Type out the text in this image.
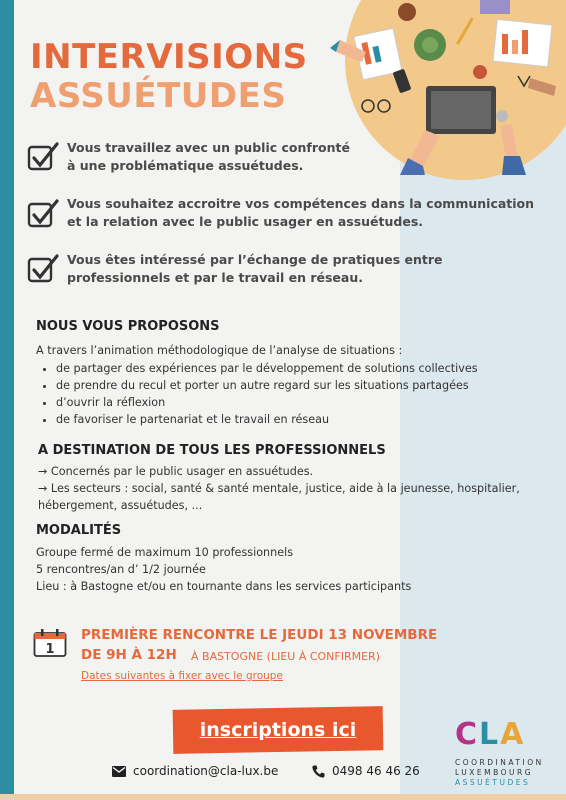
INTERVISIONS
ASSUÉTUDES
Vous travaillez avec un public confronté
à une problématique assuétudes.
Vous souhaitez accroitre vos compétences dans la communication
et la relation avec le public usager en assuétudes.
Vous êtes intéressé par l’échange de pratiques entre
professionnels et par le travail en réseau.
NOUS VOUS PROPOSONS
A travers l’animation méthodologique de l’analyse de situations :
• de partager des expériences par le développement de solutions collectives
• de prendre du recul et porter un autre regard sur les situations partagées
• d’ouvrir la réflexion
• de favoriser le partenariat et le travail en réseau
A DESTINATION DE TOUS LES PROFESSIONNELS
→ Concernés par le public usager en assuétudes.
→ Les secteurs : social, santé & santé mentale, justice, aide à la jeunesse, hospitalier, hébergement, assuétudes, ...
MODALITÉS
Groupe fermé de maximum 10 professionnels
5 rencontres/an d’ 1/2 journée
Lieu : à Bastogne et/ou en tournante dans les services participants
1
PREMIÈRE RENCONTRE LE JEUDI 13 NOVEMBRE
DE 9H À 12H À BASTOGNE (LIEU À CONFIRMER)
Dates suivantes à fixer avec le groupe
inscriptions ici
coordination@cla-lux.be	0498 46 46 26
CLA
COORDINATION
LUXEMBOURG
ASSUÉTUDES
